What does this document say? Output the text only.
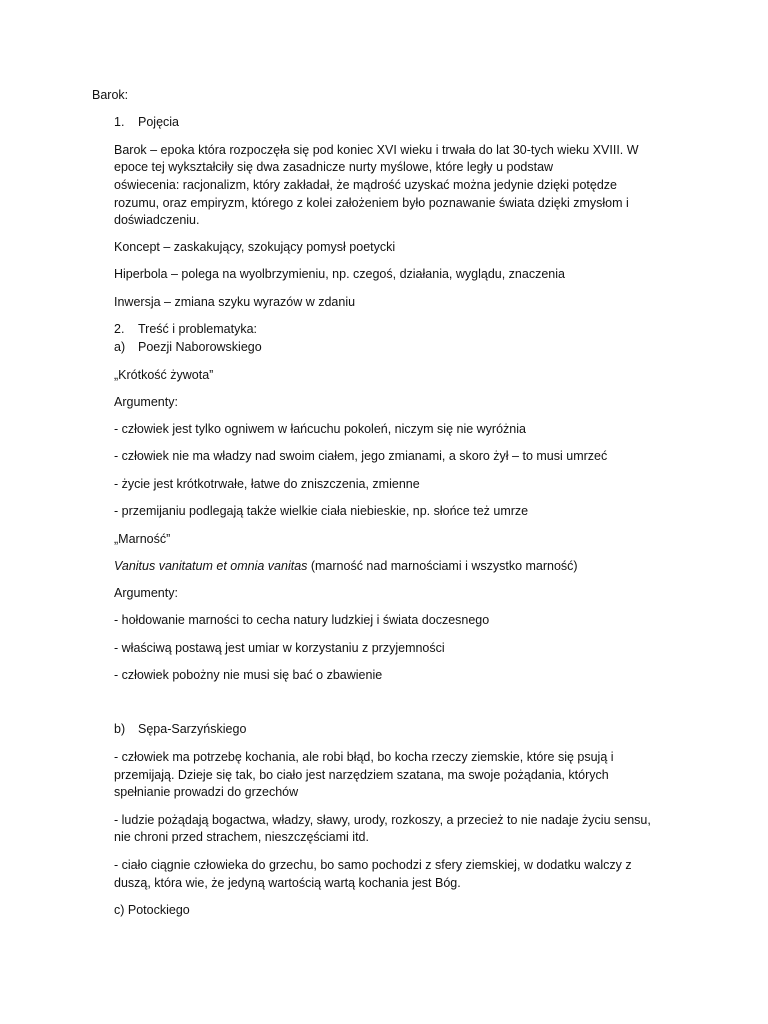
Barok:
1. Pojęcia
Barok – epoka która rozpoczęła się pod koniec XVI wieku i trwała do lat 30-tych wieku XVIII. W
epoce tej wykształciły się dwa zasadnicze nurty myślowe, które legły u podstaw
oświecenia: racjonalizm, który zakładał, że mądrość uzyskać można jedynie dzięki potędze
rozumu, oraz empiryzm, którego z kolei założeniem było poznawanie świata dzięki zmysłom i
doświadczeniu.
Koncept – zaskakujący, szokujący pomysł poetycki
Hiperbola – polega na wyolbrzymieniu, np. czegoś, działania, wyglądu, znaczenia
Inwersja – zmiana szyku wyrazów w zdaniu
2. Treść i problematyka:
a) Poezji Naborowskiego
„Krótkość żywota”
Argumenty:
- człowiek jest tylko ogniwem w łańcuchu pokoleń, niczym się nie wyróżnia
- człowiek nie ma władzy nad swoim ciałem, jego zmianami, a skoro żył – to musi umrzeć
- życie jest krótkotrwałe, łatwe do zniszczenia, zmienne
- przemijaniu podlegają także wielkie ciała niebieskie, np. słońce też umrze
„Marność”
Vanitus vanitatum et omnia vanitas (marność nad marnościami i wszystko marność)
Argumenty:
- hołdowanie marności to cecha natury ludzkiej i świata doczesnego
- właściwą postawą jest umiar w korzystaniu z przyjemności
- człowiek pobożny nie musi się bać o zbawienie
b) Sępa-Sarzyńskiego
- człowiek ma potrzebę kochania, ale robi błąd, bo kocha rzeczy ziemskie, które się psują i
przemijają. Dzieje się tak, bo ciało jest narzędziem szatana, ma swoje pożądania, których
spełnianie prowadzi do grzechów
- ludzie pożądają bogactwa, władzy, sławy, urody, rozkoszy, a przecież to nie nadaje życiu sensu,
nie chroni przed strachem, nieszczęściami itd.
- ciało ciągnie człowieka do grzechu, bo samo pochodzi z sfery ziemskiej, w dodatku walczy z
duszą, która wie, że jedyną wartością wartą kochania jest Bóg.
c) Potockiego
